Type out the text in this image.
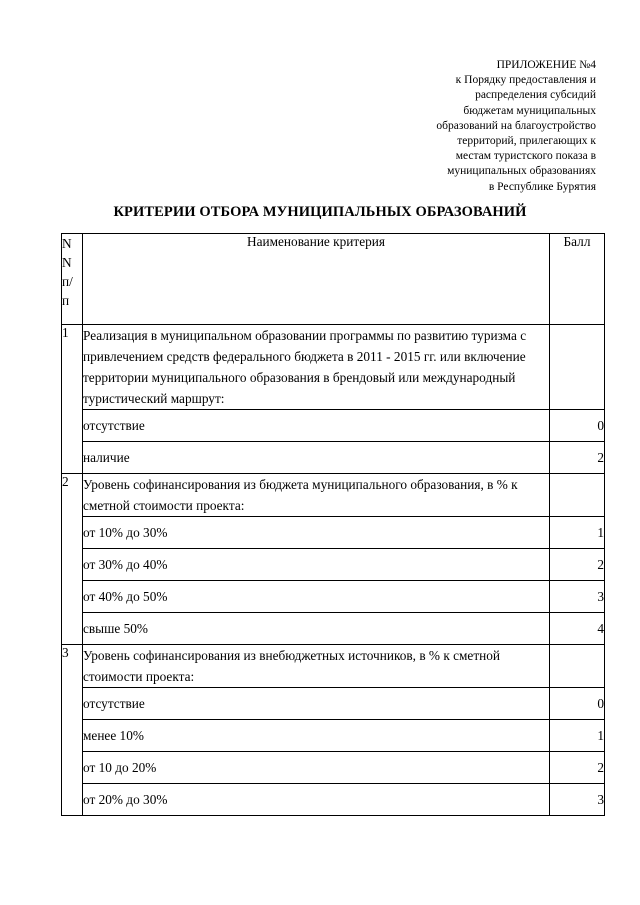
ПРИЛОЖЕНИЕ №4
к Порядку предоставления и
распределения субсидий
бюджетам муниципальных
образований на благоустройство
территорий, прилегающих к
местам туристского показа в
муниципальных образованиях
в Республике Бурятия
КРИТЕРИИ ОТБОРА МУНИЦИПАЛЬНЫХ ОБРАЗОВАНИЙ
N
N
п/
п	Наименование критерия	Балл
1	Реализация в муниципальном образовании программы по развитию туризма с привлечением средств федерального бюджета в 2011 - 2015 гг. или включение территории муниципального образования в брендовый или международный туристический маршрут:	
	отсутствие	0
	наличие	2
2	Уровень софинансирования из бюджета муниципального образования, в % к сметной стоимости проекта:	
	от 10% до 30%	1
	от 30% до 40%	2
	от 40% до 50%	3
	свыше 50%	4
3	Уровень софинансирования из внебюджетных источников, в % к сметной стоимости проекта:	
	отсутствие	0
	менее 10%	1
	от 10 до 20%	2
	от 20% до 30%	3
